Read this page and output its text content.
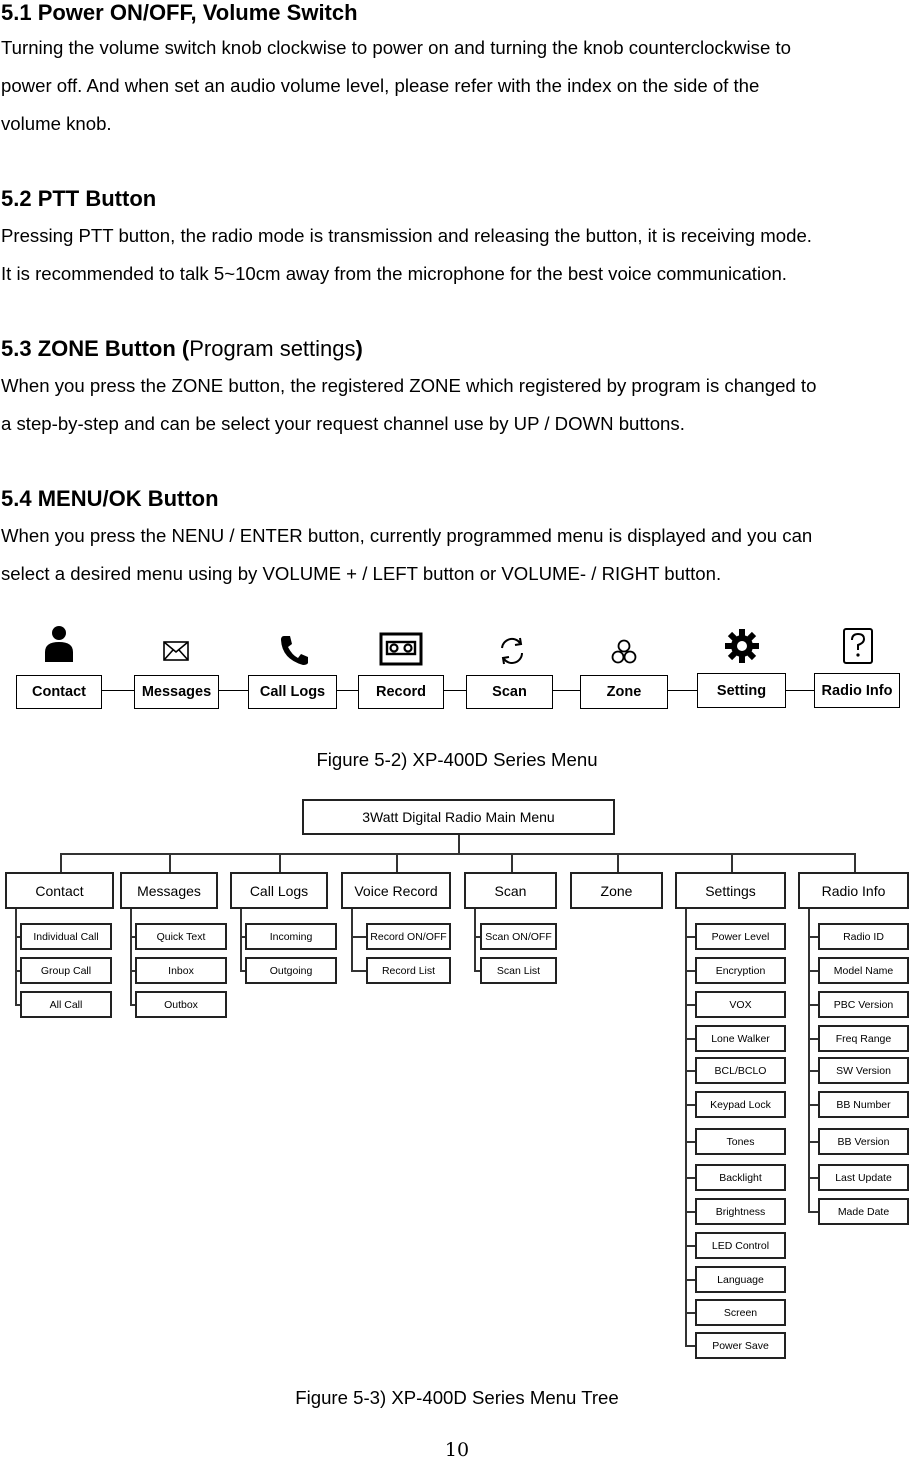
5.1 Power ON/OFF, Volume Switch

Turning the volume switch knob clockwise to power on and turning the knob counterclockwise to

power off. And when set an audio volume level, please refer with the index on the side of the

volume knob.

5.2 PTT Button

Pressing PTT button, the radio mode is transmission and releasing the button, it is receiving mode.

It is recommended to talk 5~10cm away from the microphone for the best voice communication.

5.3 ZONE Button (Program settings)

When you press the ZONE button, the registered ZONE which registered by program is changed to

a step-by-step and can be select your request channel use by UP / DOWN buttons.

5.4 MENU/OK Button

When you press the NENU / ENTER button, currently programmed menu is displayed and you can

select a desired menu using by VOLUME + / LEFT button or VOLUME- / RIGHT button.

Contact	Messages	Call Logs	Record	Scan	Zone	Setting	Radio Info
Figure 5-2) XP-400D Series Menu
3Watt Digital Radio Main Menu
Contact
Individual Call
Group Call
All Call
Messages
Quick Text
Inbox
Outbox
Call Logs
Incoming
Outgoing
Voice Record
Record ON/OFF
Record List
Scan
Scan ON/OFF
Scan List
Zone	Settings
Power Level
Encryption
VOX
Lone Walker
BCL/BCLO
Keypad Lock
Tones
Backlight
Brightness
LED Control
Language
Screen
Power Save
Radio Info
Radio ID
Model Name
PBC Version
Freq Range
SW Version
BB Number
BB Version
Last Update
Made Date
Figure 5-3) XP-400D Series Menu Tree
10
